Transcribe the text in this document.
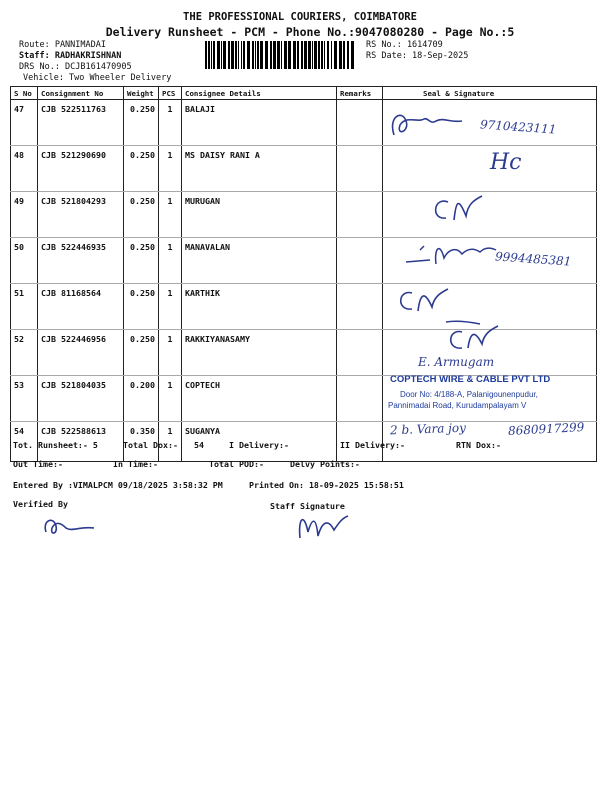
THE PROFESSIONAL COURIERS, COIMBATORE
Delivery Runsheet - PCM - Phone No.:9047080280 - Page No.:5
Route: PANNIMADAI
Staff: RADHAKRISHNAN
DRS No.: DCJB161470905
Vehicle: Two Wheeler Delivery
RS No.: 1614709
RS Date: 18-Sep-2025
S No	Consignment No	Weight	PCS	Consignee Details	Remarks	Seal & Signature
47	CJB 522511763	0.250	1	BALAJI		
48	CJB 521290690	0.250	1	MS DAISY RANI A		
49	CJB 521804293	0.250	1	MURUGAN		
50	CJB 522446935	0.250	1	MANAVALAN		
51	CJB 81168564	0.250	1	KARTHIK		
52	CJB 522446956	0.250	1	RAKKIYANASAMY		
53	CJB 521804035	0.200	1	COPTECH		
54	CJB 522588613	0.350	1	SUGANYA		
9710423111
Hc
9994485381
E. Armugam
COPTECH WIRE & CABLE PVT LTD
Door No: 4/188-A, Palanigounenpudur,
Pannimadai Road, Kurudampalayam V
2 b. Vara joy	8680917299
Tot. Runsheet:- 5	Total Dox:- 54	I Delivery:-	II Delivery:-	RTN Dox:-
Out Time:-	In Time:-	Total POD:-	Delvy Points:-
Entered By :VIMALPCM 09/18/2025 3:58:32 PM	Printed On: 18-09-2025 15:58:51
Verified By	Staff Signature
